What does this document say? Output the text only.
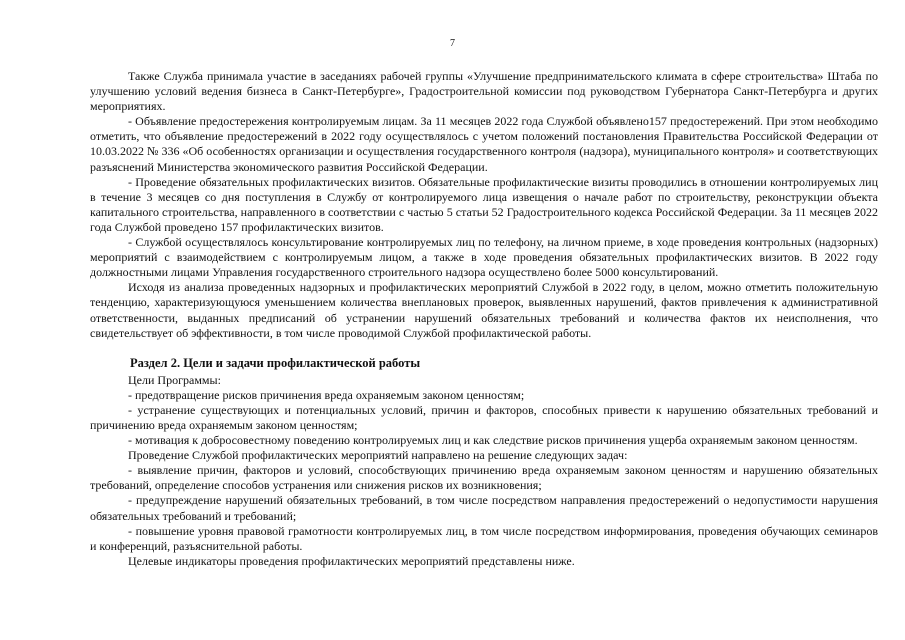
7

Также Служба принимала участие в заседаниях рабочей группы «Улучшение предпринимательского климата в сфере строительства» Штаба по улучшению условий ведения бизнеса в Санкт-Петербурге», Градостроительной комиссии под руководством Губернатора Санкт-Петербурга и других мероприятиях.

- Объявление предостережения контролируемым лицам. За 11 месяцев 2022 года Службой объявлено157 предостережений. При этом необходимо отметить, что объявление предостережений в 2022 году осуществлялось с учетом положений постановления Правительства Российской Федерации от 10.03.2022 № 336 «Об особенностях организации и осуществления государственного контроля (надзора), муниципального контроля» и соответствующих разъяснений Министерства экономического развития Российской Федерации.

- Проведение обязательных профилактических визитов. Обязательные профилактические визиты проводились в отношении контролируемых лиц в течение 3 месяцев со дня поступления в Службу от контролируемого лица извещения о начале работ по строительству, реконструкции объекта капитального строительства, направленного в соответствии с частью 5 статьи 52 Градостроительного кодекса Российской Федерации. За 11 месяцев 2022 года Службой проведено 157 профилактических визитов.

- Службой осуществлялось консультирование контролируемых лиц по телефону, на личном приеме, в ходе проведения контрольных (надзорных) мероприятий с взаимодействием с контролируемым лицом, а также в ходе проведения обязательных профилактических визитов. В 2022 году должностными лицами Управления государственного строительного надзора осуществлено более 5000 консультирований.

Исходя из анализа проведенных надзорных и профилактических мероприятий Службой в 2022 году, в целом, можно отметить положительную тенденцию, характеризующуюся уменьшением количества внеплановых проверок, выявленных нарушений, фактов привлечения к административной ответственности, выданных предписаний об устранении нарушений обязательных требований и количества фактов их неисполнения, что свидетельствует об эффективности, в том числе проводимой Службой профилактической работы.

Раздел 2. Цели и задачи профилактической работы

Цели Программы:

- предотвращение рисков причинения вреда охраняемым законом ценностям;

- устранение существующих и потенциальных условий, причин и факторов, способных привести к нарушению обязательных требований и причинению вреда охраняемым законом ценностям;

- мотивация к добросовестному поведению контролируемых лиц и как следствие рисков причинения ущерба охраняемым законом ценностям.

Проведение Службой профилактических мероприятий направлено на решение следующих задач:

- выявление причин, факторов и условий, способствующих причинению вреда охраняемым законом ценностям и нарушению обязательных требований, определение способов устранения или снижения рисков их возникновения;

- предупреждение нарушений обязательных требований, в том числе посредством направления предостережений о недопустимости нарушения обязательных требований и требований;

- повышение уровня правовой грамотности контролируемых лиц, в том числе посредством информирования, проведения обучающих семинаров и конференций, разъяснительной работы.

Целевые индикаторы проведения профилактических мероприятий представлены ниже.
